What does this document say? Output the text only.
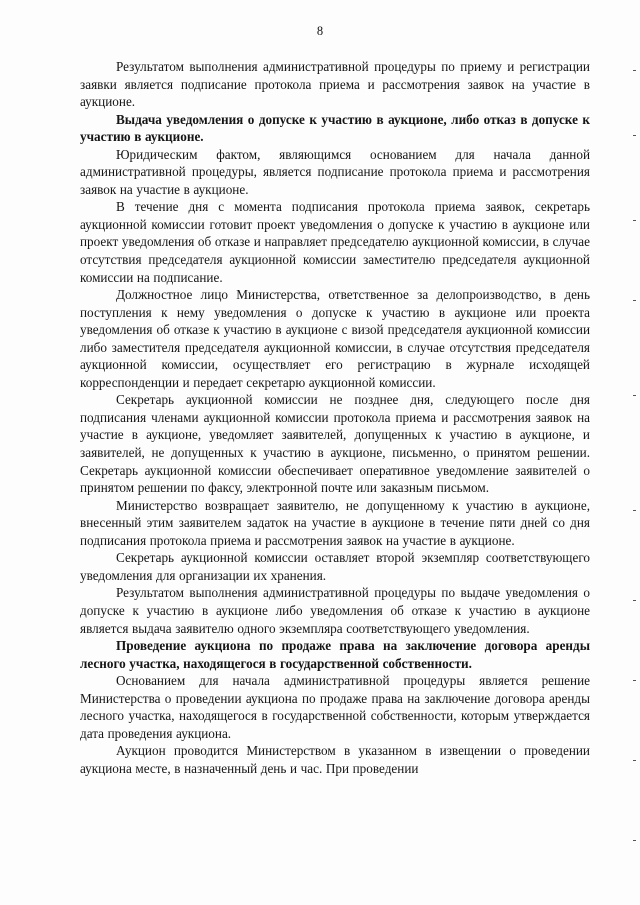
8

Результатом выполнения административной процедуры по приему и регистрации заявки является подписание протокола приема и рассмотрения заявок на участие в аукционе.

Выдача уведомления о допуске к участию в аукционе, либо отказ в допуске к участию в аукционе.

Юридическим фактом, являющимся основанием для начала данной административной процедуры, является подписание протокола приема и рассмотрения заявок на участие в аукционе.

В течение дня с момента подписания протокола приема заявок, секретарь аукционной комиссии готовит проект уведомления о допуске к участию в аукционе или проект уведомления об отказе и направляет председателю аукционной комиссии, в случае отсутствия председателя аукционной комиссии заместителю председателя аукционной комиссии на подписание.

Должностное лицо Министерства, ответственное за делопроизводство, в день поступления к нему уведомления о допуске к участию в аукционе или проекта уведомления об отказе к участию в аукционе с визой председателя аукционной комиссии либо заместителя председателя аукционной комиссии, в случае отсутствия председателя аукционной комиссии, осуществляет его регистрацию в журнале исходящей корреспонденции и передает секретарю аукционной комиссии.

Секретарь аукционной комиссии не позднее дня, следующего после дня подписания членами аукционной комиссии протокола приема и рассмотрения заявок на участие в аукционе, уведомляет заявителей, допущенных к участию в аукционе, и заявителей, не допущенных к участию в аукционе, письменно, о принятом решении. Секретарь аукционной комиссии обеспечивает оперативное уведомление заявителей о принятом решении по факсу, электронной почте или заказным письмом.

Министерство возвращает заявителю, не допущенному к участию в аукционе, внесенный этим заявителем задаток на участие в аукционе в течение пяти дней со дня подписания протокола приема и рассмотрения заявок на участие в аукционе.

Секретарь аукционной комиссии оставляет второй экземпляр соответствующего уведомления для организации их хранения.

Результатом выполнения административной процедуры по выдаче уведомления о допуске к участию в аукционе либо уведомления об отказе к участию в аукционе является выдача заявителю одного экземпляра соответствующего уведомления.

Проведение аукциона по продаже права на заключение договора аренды лесного участка, находящегося в государственной собственности.

Основанием для начала административной процедуры является решение Министерства о проведении аукциона по продаже права на заключение договора аренды лесного участка, находящегося в государственной собственности, которым утверждается дата проведения аукциона.

Аукцион проводится Министерством в указанном в извещении о проведении аукциона месте, в назначенный день и час. При проведении
